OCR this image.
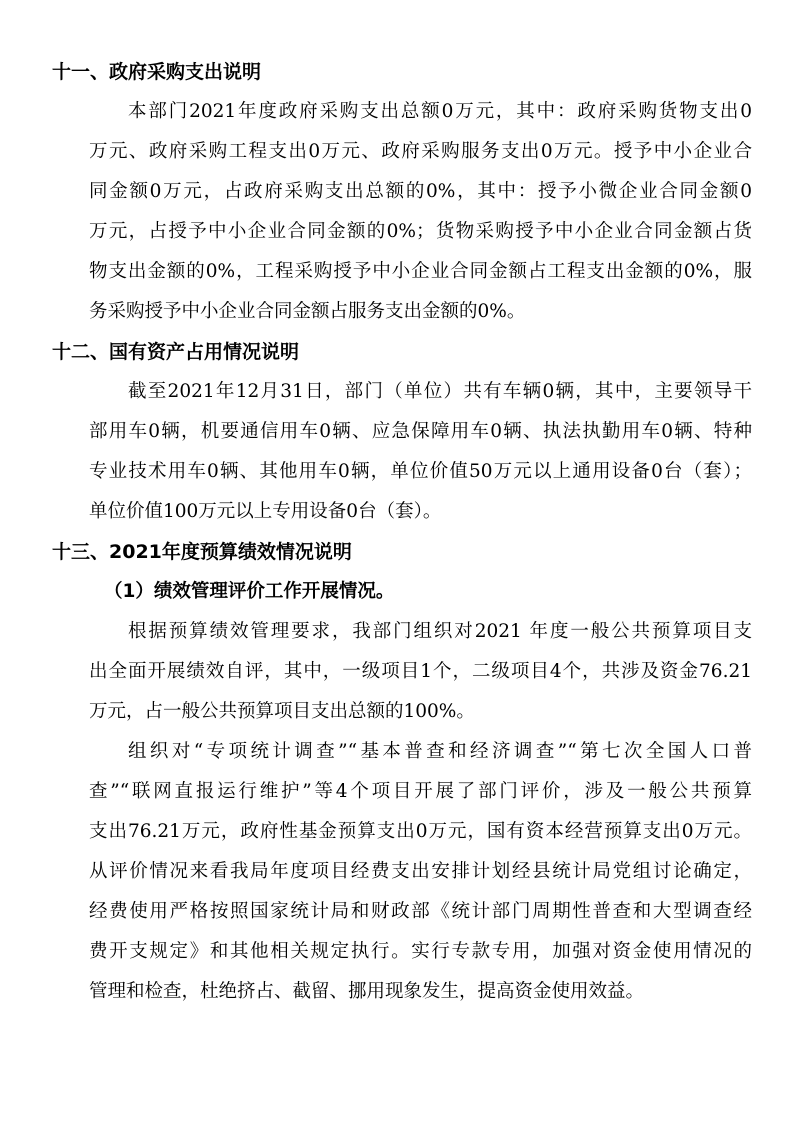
十一、政府采购支出说明
本部门2021年度政府采购支出总额0万元，其中：政府采购货物支出0
万元、政府采购工程支出0万元、政府采购服务支出0万元。授予中小企业合
同金额0万元，占政府采购支出总额的0%，其中：授予小微企业合同金额0
万元，占授予中小企业合同金额的0%；货物采购授予中小企业合同金额占货
物支出金额的0%，工程采购授予中小企业合同金额占工程支出金额的0%，服
务采购授予中小企业合同金额占服务支出金额的0%。
十二、国有资产占用情况说明
截至2021年12月31日，部门（单位）共有车辆0辆，其中，主要领导干
部用车0辆，机要通信用车0辆、应急保障用车0辆、执法执勤用车0辆、特种
专业技术用车0辆、其他用车0辆，单位价值50万元以上通用设备0台（套）；
单位价值100万元以上专用设备0台（套）。
十三、2021年度预算绩效情况说明
（1）绩效管理评价工作开展情况。
根据预算绩效管理要求，我部门组织对2021 年度一般公共预算项目支
出全面开展绩效自评，其中，一级项目1个，二级项目4个，共涉及资金76.21
万元，占一般公共预算项目支出总额的100%。
组织对“专项统计调查”“基本普查和经济调查”“第七次全国人口普
查”“联网直报运行维护”等4个项目开展了部门评价，涉及一般公共预算
支出76.21万元，政府性基金预算支出0万元，国有资本经营预算支出0万元。
从评价情况来看我局年度项目经费支出安排计划经县统计局党组讨论确定，
经费使用严格按照国家统计局和财政部《统计部门周期性普查和大型调查经
费开支规定》和其他相关规定执行。实行专款专用，加强对资金使用情况的
管理和检查，杜绝挤占、截留、挪用现象发生，提高资金使用效益。
